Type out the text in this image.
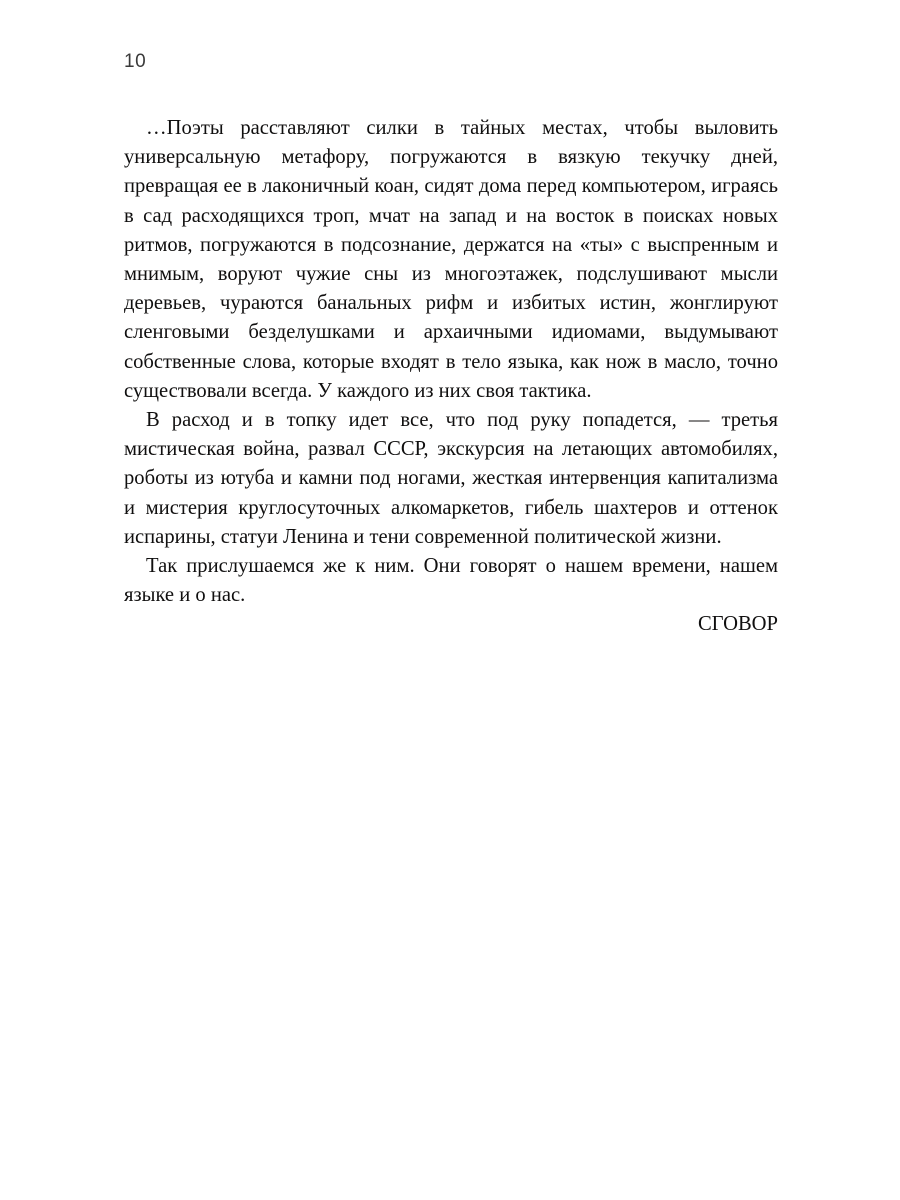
10

…Поэты расставляют силки в тайных местах, чтобы выловить универсальную метафору, погружаются в вязкую текучку дней, превращая ее в лаконичный коан, сидят дома перед компьютером, играясь в сад расходящихся троп, мчат на запад и на восток в поисках новых ритмов, погружаются в подсознание, держатся на «ты» с выспренным и мнимым, воруют чужие сны из многоэтажек, подслушивают мысли деревьев, чураются банальных рифм и избитых истин, жонглируют сленговыми безделушками и архаичными идиомами, выдумывают собственные слова, которые входят в тело языка, как нож в масло, точно существовали всегда. У каждого из них своя тактика.

В расход и в топку идет все, что под руку попадется, — третья мистическая война, развал СССР, экскурсия на летающих автомобилях, роботы из ютуба и камни под ногами, жесткая интервенция капитализма и мистерия круглосуточных алкомаркетов, гибель шахтеров и оттенок испарины, статуи Ленина и тени современной политической жизни.

Так прислушаемся же к ним. Они говорят о нашем времени, нашем языке и о нас.

СГОВОР
